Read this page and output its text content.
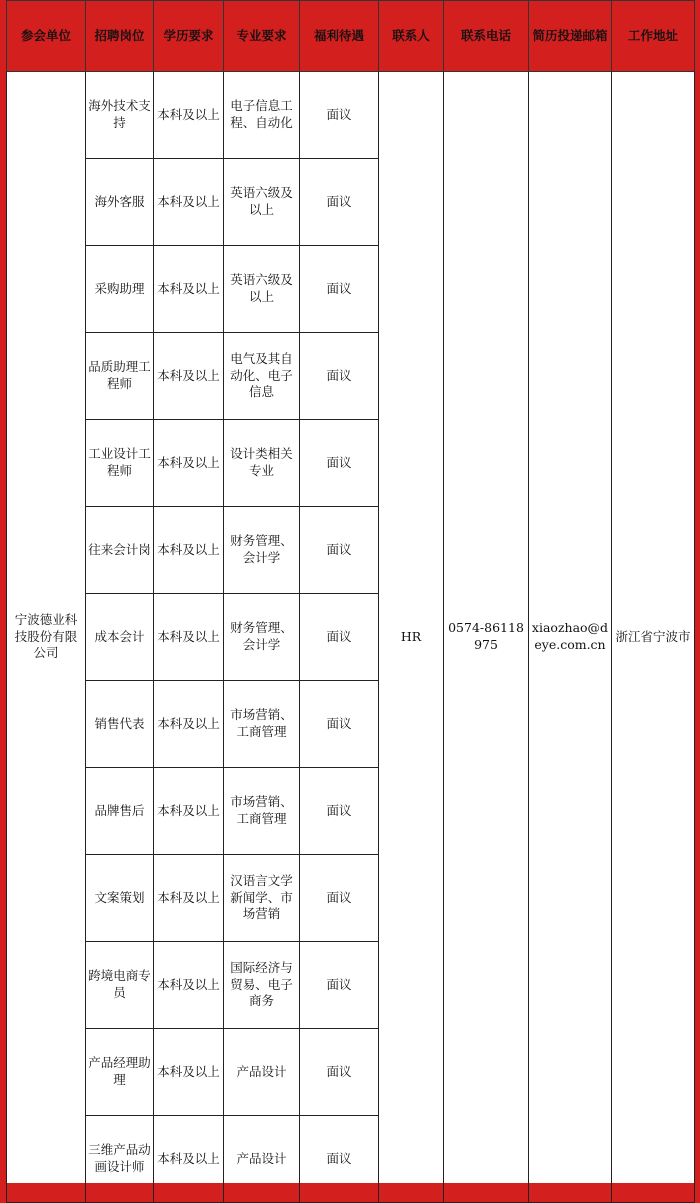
参会单位	招聘岗位	学历要求	专业要求	福利待遇	联系人	联系电话	简历投递邮箱	工作地址
宁波德业科技股份有限公司	海外技术支持	本科及以上	电子信息工程、自动化	面议	HR	0574-86118975	xiaozhao@deye.com.cn	浙江省宁波市
	海外客服	本科及以上	英语六级及以上	面议				
	采购助理	本科及以上	英语六级及以上	面议				
	品质助理工程师	本科及以上	电气及其自动化、电子信息	面议				
	工业设计工程师	本科及以上	设计类相关专业	面议				
	往来会计岗	本科及以上	财务管理、会计学	面议				
	成本会计	本科及以上	财务管理、会计学	面议				
	销售代表	本科及以上	市场营销、工商管理	面议				
	品牌售后	本科及以上	市场营销、工商管理	面议				
	文案策划	本科及以上	汉语言文学新闻学、市场营销	面议				
	跨境电商专员	本科及以上	国际经济与贸易、电子商务	面议				
	产品经理助理	本科及以上	产品设计	面议				
	三维产品动画设计师	本科及以上	产品设计	面议				
